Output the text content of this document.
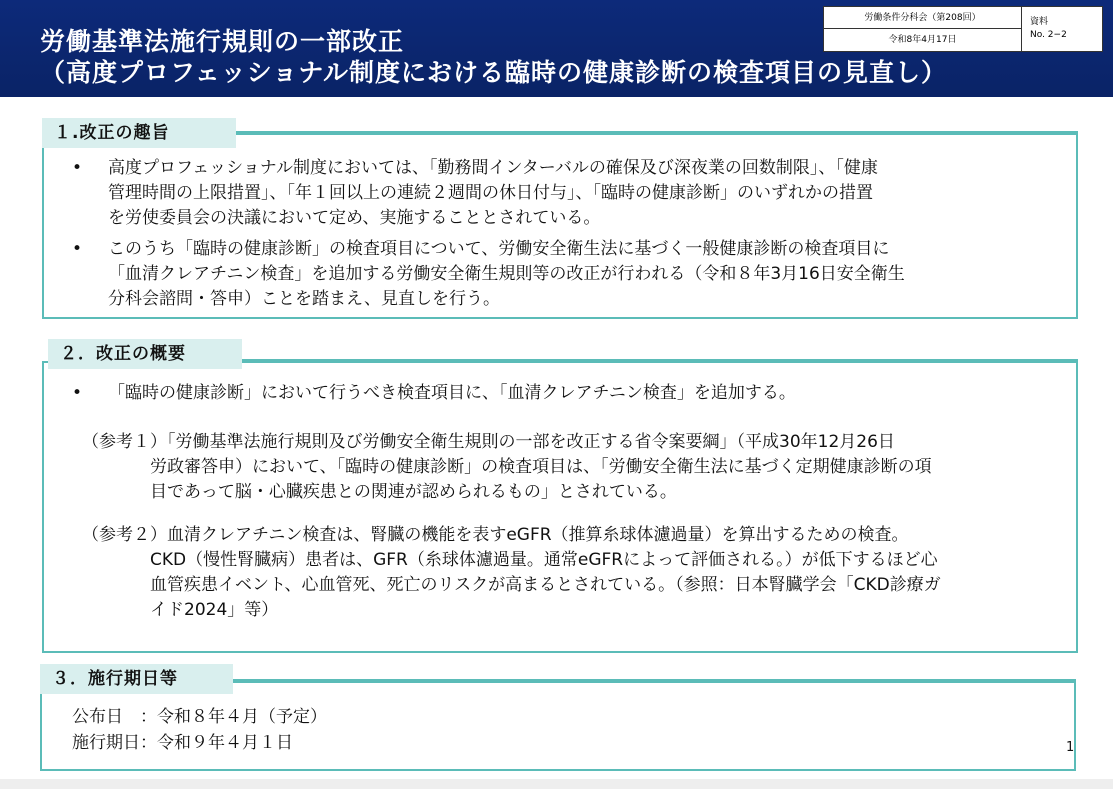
労働基準法施行規則の一部改正
（高度プロフェッショナル制度における臨時の健康診断の検査項目の見直し）
労働条件分科会（第208回）
令和8年4月17日
資料
No. 2−2
１.改正の趣旨
• 高度プロフェッショナル制度においては、「勤務間インターバルの確保及び深夜業の回数制限」、「健康
管理時間の上限措置」、「年１回以上の連続２週間の休日付与」、「臨時の健康診断」のいずれかの措置
を労使委員会の決議において定め、実施することとされている。
• このうち「臨時の健康診断」の検査項目について、労働安全衛生法に基づく一般健康診断の検査項目に
「血清クレアチニン検査」を追加する労働安全衛生規則等の改正が行われる（令和８年3月16日安全衛生
分科会諮問・答申）ことを踏まえ、見直しを行う。
２．改正の概要
• 「臨時の健康診断」において行うべき検査項目に、「血清クレアチニン検査」を追加する。
（参考１）「労働基準法施行規則及び労働安全衛生規則の一部を改正する省令案要綱」（平成30年12月26日
　　　　労政審答申）において、「臨時の健康診断」の検査項目は、「労働安全衛生法に基づく定期健康診断の項
　　　　目であって脳・心臓疾患との関連が認められるもの」とされている。
（参考２）血清クレアチニン検査は、腎臓の機能を表すeGFR（推算糸球体濾過量）を算出するための検査。
　　　　CKD（慢性腎臓病）患者は、GFR（糸球体濾過量。通常eGFRによって評価される。）が低下するほど心
　　　　血管疾患イベント、心血管死、死亡のリスクが高まるとされている。（参照：日本腎臓学会「CKD診療ガ
　　　　イド2024」等）
３．施行期日等
公布日　：令和８年４月（予定）
施行期日：令和９年４月１日	1
